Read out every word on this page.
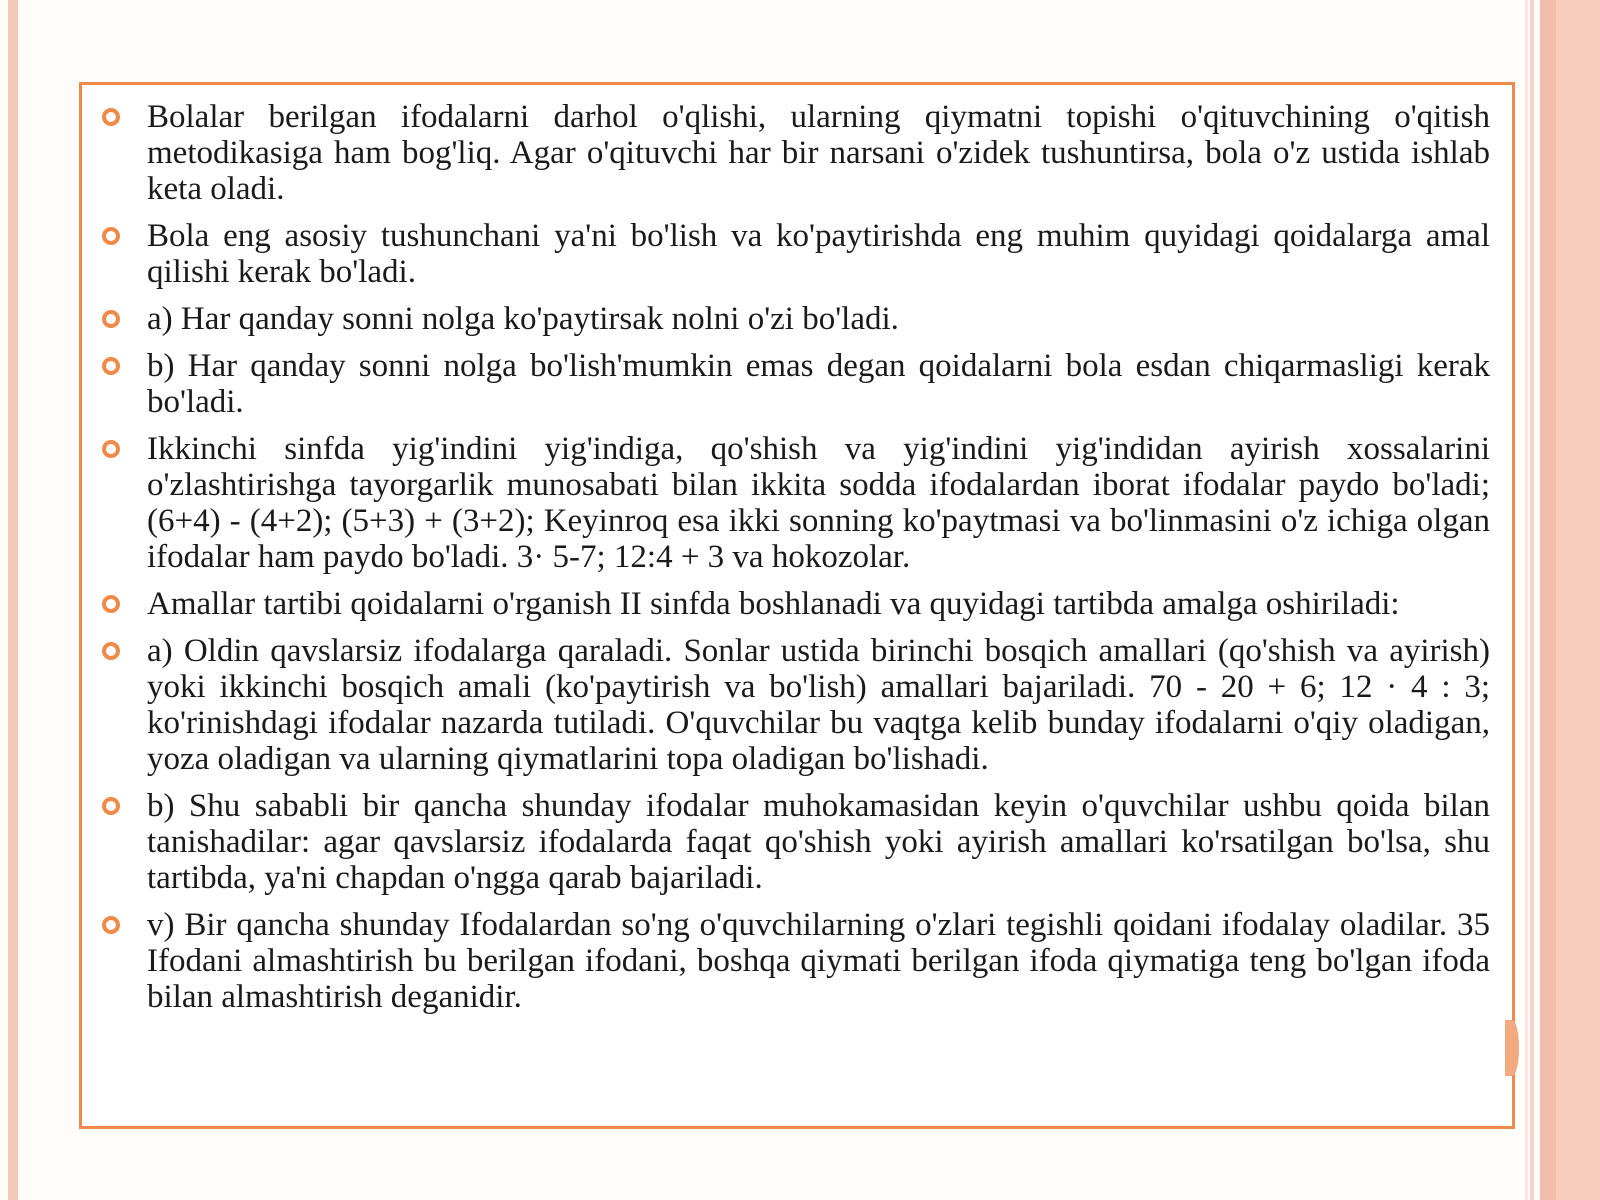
Bolalar berilgan ifodalarni darhol o'qlishi, ularning qiymatni topishi o'qituvchining o'qitish metodikasiga ham bog'liq. Agar o'qituvchi har bir narsani o'zidek tushuntirsa, bola o'z ustida ishlab keta oladi.
Bola eng asosiy tushunchani ya'ni bo'lish va ko'paytirishda eng muhim quyidagi qoidalarga amal qilishi kerak bo'ladi.
a) Har qanday sonni nolga ko'paytirsak nolni o'zi bo'ladi.
b) Har qanday sonni nolga bo'lish'mumkin emas degan qoidalarni bola esdan chiqarmasligi kerak bo'ladi.
Ikkinchi sinfda yig'indini yig'indiga, qo'shish va yig'indini yig'indidan ayirish xossalarini o'zlashtirishga tayorgarlik munosabati bilan ikkita sodda ifodalardan iborat ifodalar paydo bo'ladi; (6+4) - (4+2); (5+3) + (3+2); Keyinroq esa ikki sonning ko'paytmasi va bo'linmasini o'z ichiga olgan ifodalar ham paydo bo'ladi. 3· 5-7; 12:4 + 3 va hokozolar.
Amallar tartibi qoidalarni o'rganish II sinfda boshlanadi va quyidagi tartibda amalga oshiriladi:
a) Oldin qavslarsiz ifodalarga qaraladi. Sonlar ustida birinchi bosqich amallari (qo'shish va ayirish) yoki ikkinchi bosqich amali (ko'paytirish va bo'lish) amallari bajariladi. 70 - 20 + 6; 12 · 4 : 3; ko'rinishdagi ifodalar nazarda tutiladi. O'quvchilar bu vaqtga kelib bunday ifodalarni o'qiy oladigan, yoza oladigan va ularning qiymatlarini topa oladigan bo'lishadi.
b) Shu sababli bir qancha shunday ifodalar muhokamasidan keyin o'quvchilar ushbu qoida bilan tanishadilar: agar qavslarsiz ifodalarda faqat qo'shish yoki ayirish amallari ko'rsatilgan bo'lsa, shu tartibda, ya'ni chapdan o'ngga qarab bajariladi.
v) Bir qancha shunday Ifodalardan so'ng o'quvchilarning o'zlari tegishli qoidani ifodalay oladilar. 35 Ifodani almashtirish bu berilgan ifodani, boshqa qiymati berilgan ifoda qiymatiga teng bo'lgan ifoda bilan almashtirish deganidir.
